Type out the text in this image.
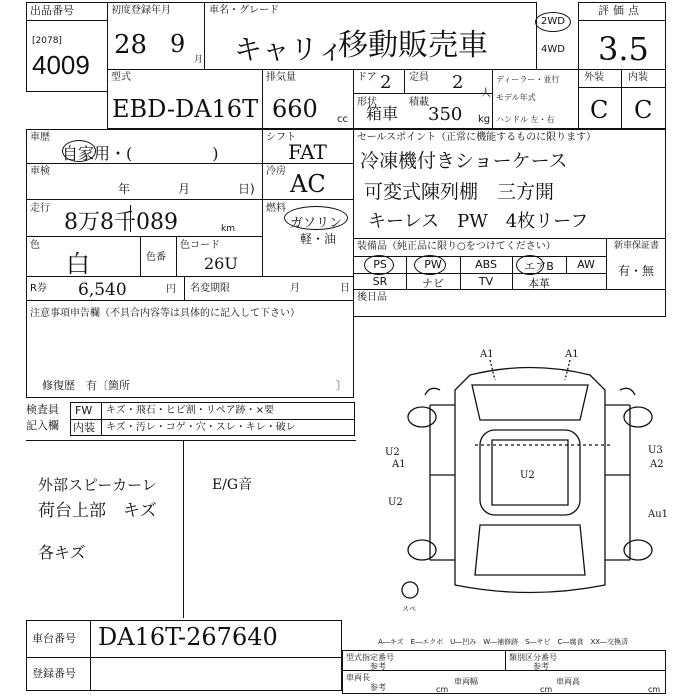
出品番号
[2078]
4009
初度登録年月
28 9
月
車名・グレード
キャリィ
移動販売車
2WD
4WD
評価点
3.5
型式
EBD-DA16T
排気量
660 cc
ドア 2 定員 2
人
形状
箱車
積載
350 kg
ディーラー・並行
モデル年式
ハンドル 左・右
外装 内装
C C
車歴
自家用・(　　　　　)
シフト
FAT
車検
年	月	日)
冷房 AC
走行
8万8千089	km
燃料
ガソリン
軽・油
色
白	色番
色コード
26U
セールスポイント（正常に機能するものに限ります）
冷凍機付きショーケース
可変式陳列棚　三方開
キーレス　PW　4枚リーフ
装備品（純正品に限り○をつけてください）	新車保証書
PS	PW	ABS	エアB	AW
SR	ナビ	TV	本革
有・無
後日品
R券 6,540	円 名変期限	月	日
注意事項申告欄（不具合内容等は具体的に記入して下さい）
修復歴　有〔箇所	〕
検査員
記入欄
FW キズ・飛石・ヒビ割・リペア跡・×要
内装 キズ・汚レ・コゲ・穴・スレ・キレ・破レ
外部スピーカーレ
荷台上部　キズ
各キズ
E/G音
A1	A1
U2
A1
U2
U2
U3
A2
Au1
スペ
A―キズ　E―エクボ　U―凹み　W―補修跡　S―サビ　C―腐食　XX―交換済
車台番号 DA16T-267640
登録番号
型式指定番号
参考
類別区分番号
参考
車両長
参考
車両幅	車両高
cm	cm	cm
